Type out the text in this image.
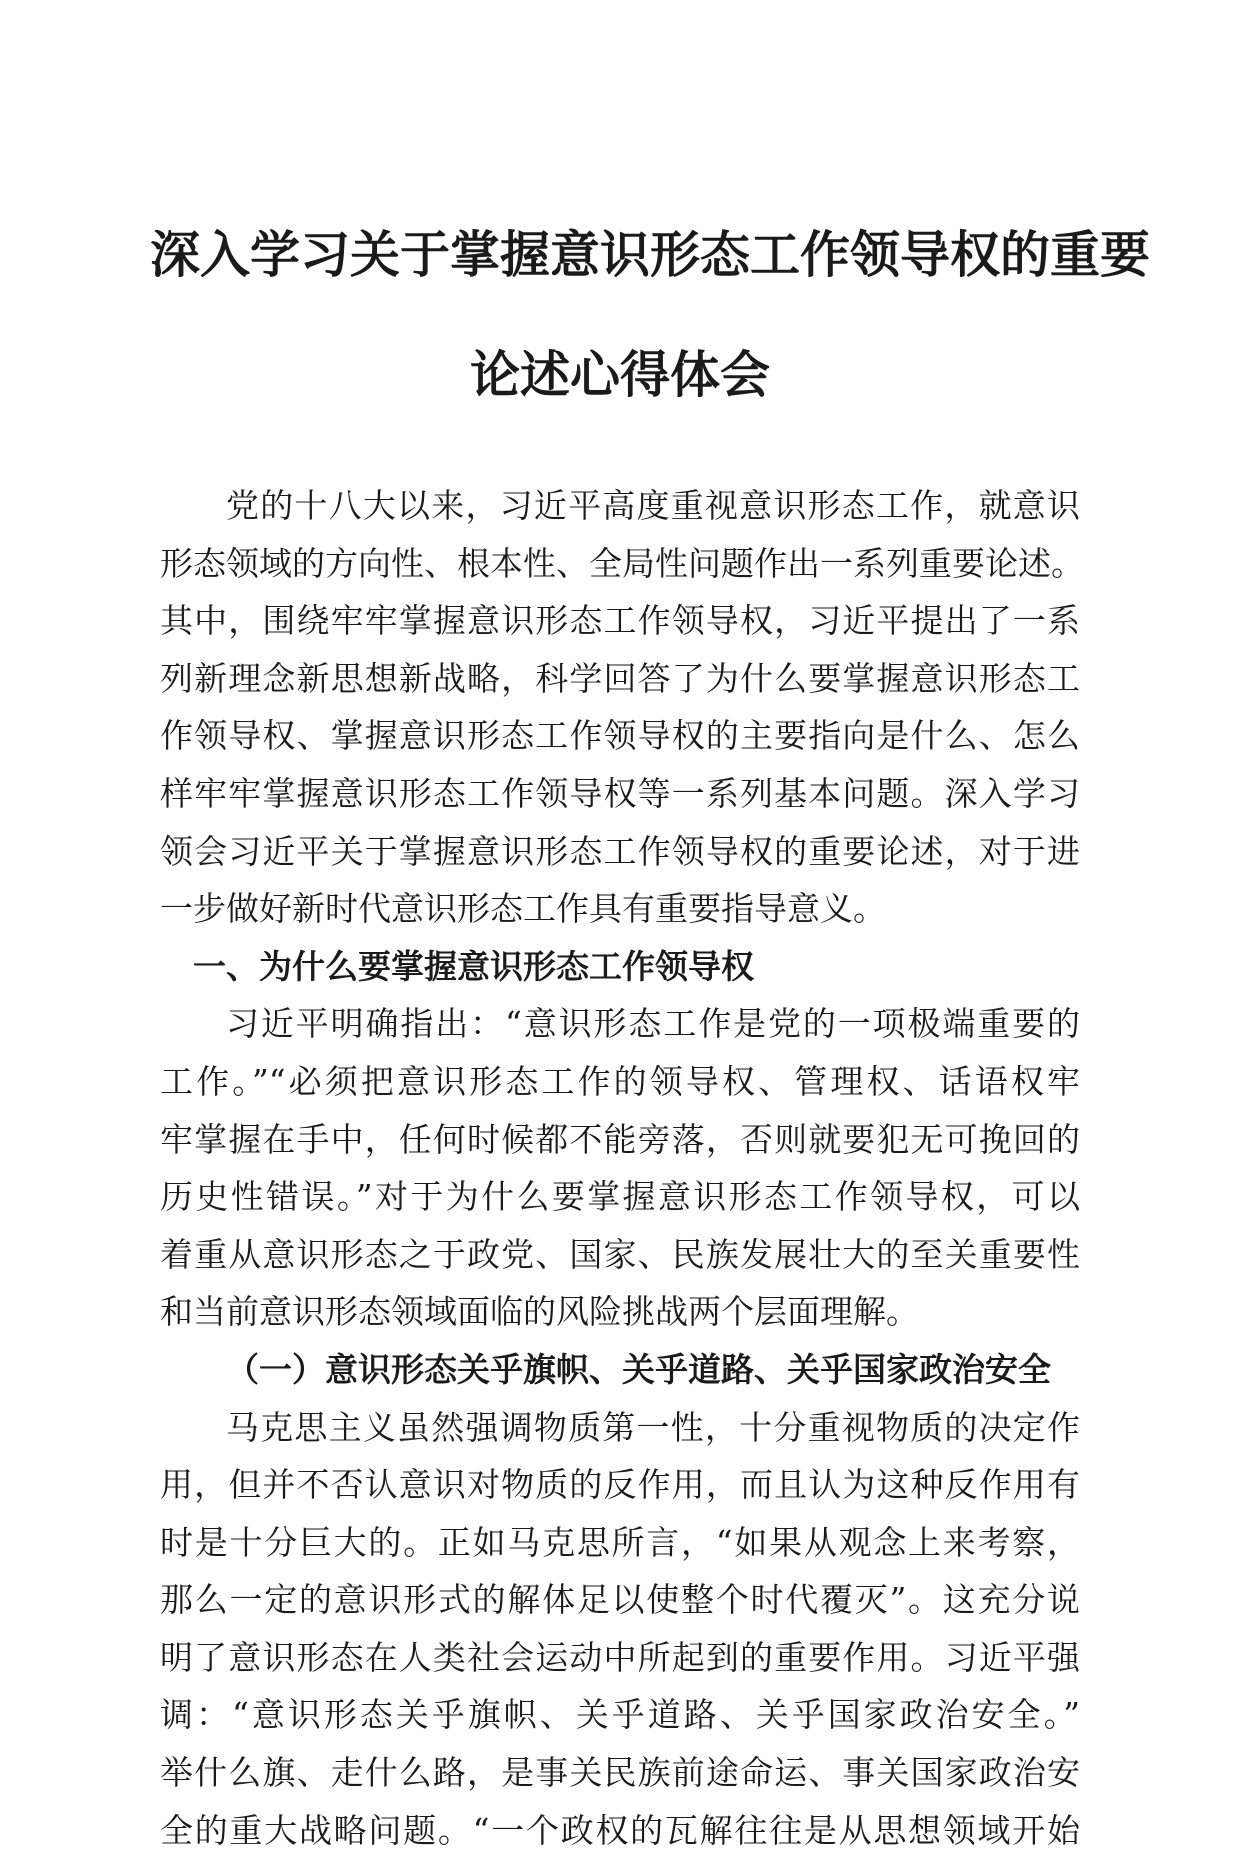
深入学习关于掌握意识形态工作领导权的重要
论述心得体会
党的十八大以来，习近平高度重视意识形态工作，就意识
形态领域的方向性、根本性、全局性问题作出一系列重要论述。
其中，围绕牢牢掌握意识形态工作领导权，习近平提出了一系
列新理念新思想新战略，科学回答了为什么要掌握意识形态工
作领导权、掌握意识形态工作领导权的主要指向是什么、怎么
样牢牢掌握意识形态工作领导权等一系列基本问题。深入学习
领会习近平关于掌握意识形态工作领导权的重要论述，对于进
一步做好新时代意识形态工作具有重要指导意义。
一、为什么要掌握意识形态工作领导权
习近平明确指出：“意识形态工作是党的一项极端重要的
工作。”“必须把意识形态工作的领导权、管理权、话语权牢
牢掌握在手中，任何时候都不能旁落，否则就要犯无可挽回的
历史性错误。”对于为什么要掌握意识形态工作领导权，可以
着重从意识形态之于政党、国家、民族发展壮大的至关重要性
和当前意识形态领域面临的风险挑战两个层面理解。
（一）意识形态关乎旗帜、关乎道路、关乎国家政治安全
马克思主义虽然强调物质第一性，十分重视物质的决定作
用，但并不否认意识对物质的反作用，而且认为这种反作用有
时是十分巨大的。正如马克思所言，“如果从观念上来考察，
那么一定的意识形式的解体足以使整个时代覆灭”。这充分说
明了意识形态在人类社会运动中所起到的重要作用。习近平强
调：“意识形态关乎旗帜、关乎道路、关乎国家政治安全。”
举什么旗、走什么路，是事关民族前途命运、事关国家政治安
全的重大战略问题。“一个政权的瓦解往往是从思想领域开始
